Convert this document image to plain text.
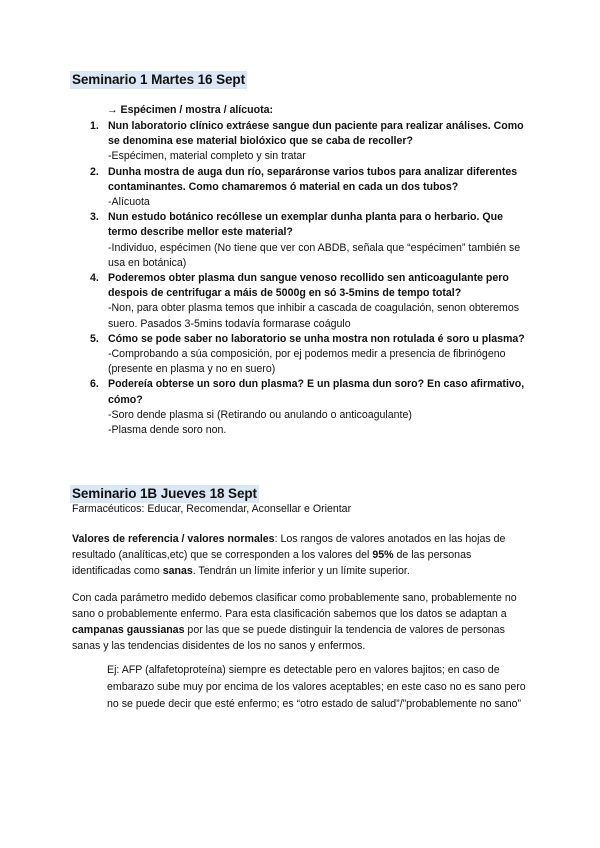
Seminario 1 Martes 16 Sept
→ Espécimen / mostra / alícuota:
1. Nun laboratorio clínico extráese sangue dun paciente para realizar análises. Como se denomina ese material biolóxico que se caba de recoller?
-Espécimen, material completo y sin tratar
2. Dunha mostra de auga dun río, separáronse varios tubos para analizar diferentes contaminantes. Como chamaremos ó material en cada un dos tubos?
-Alícuota
3. Nun estudo botánico recóllese un exemplar dunha planta para o herbario. Que termo describe mellor este material?
-Individuo, espécimen (No tiene que ver con ABDB, señala que “espécimen” también se usa en botánica)
4. Poderemos obter plasma dun sangue venoso recollido sen anticoagulante pero despois de centrifugar a máis de 5000g en só 3-5mins de tempo total?
-Non, para obter plasma temos que inhibir a cascada de coagulación, senon obteremos suero. Pasados 3-5mins todavía formarase coágulo
5. Cómo se pode saber no laboratorio se unha mostra non rotulada é soro u plasma?
-Comprobando a súa composición, por ej podemos medir a presencia de fibrinógeno (presente en plasma y no en suero)
6. Podereía obterse un soro dun plasma? E un plasma dun soro? En caso afirmativo, cómo?
-Soro dende plasma si (Retirando ou anulando o anticoagulante)
-Plasma dende soro non.
Seminario 1B Jueves 18 Sept
Farmacéuticos: Educar, Recomendar, Aconsellar e Orientar
Valores de referencia / valores normales: Los rangos de valores anotados en las hojas de resultado (analíticas,etc) que se corresponden a los valores del 95% de las personas identificadas como sanas. Tendrán un límite inferior y un límite superior.
Con cada parámetro medido debemos clasificar como probablemente sano, probablemente no sano o probablemente enfermo. Para esta clasificación sabemos que los datos se adaptan a campanas gaussianas por las que se puede distinguir la tendencia de valores de personas sanas y las tendencias disidentes de los no sanos y enfermos.
Ej: AFP (alfafetoproteína) siempre es detectable pero en valores bajitos; en caso de embarazo sube muy por encima de los valores aceptables; en este caso no es sano pero no se puede decir que esté enfermo; es “otro estado de salud”/”probablemente no sano”
